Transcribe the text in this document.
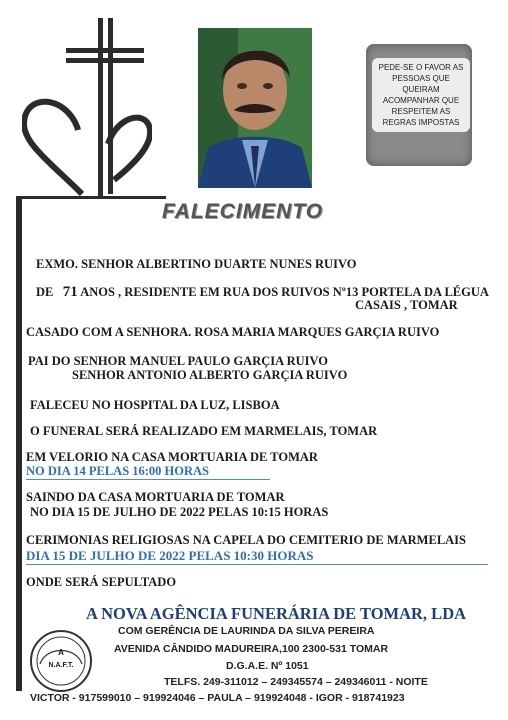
PEDE-SE O FAVOR AS
PESSOAS QUE
QUEIRAM
ACOMPANHAR QUE
RESPEITEM AS
REGRAS IMPOSTAS
FALECIMENTO
EXMO. SENHOR ALBERTINO DUARTE NUNES RUIVO
DE 71 ANOS , RESIDENTE EM RUA DOS RUIVOS Nº13 PORTELA DA LÉGUA
CASAIS , TOMAR
CASADO COM A SENHORA. ROSA MARIA MARQUES GARÇIA RUIVO
PAI DO SENHOR MANUEL PAULO GARÇIA RUIVO
SENHOR ANTONIO ALBERTO GARÇIA RUIVO
FALECEU NO HOSPITAL DA LUZ, LISBOA
O FUNERAL SERÁ REALIZADO EM MARMELAIS, TOMAR
EM VELORIO NA CASA MORTUARIA DE TOMAR
NO DIA 14 PELAS 16:00 HORAS
SAINDO DA CASA MORTUARIA DE TOMAR
NO DIA 15 DE JULHO DE 2022 PELAS 10:15 HORAS
CERIMONIAS RELIGIOSAS NA CAPELA DO CEMITERIO DE MARMELAIS
DIA 15 DE JULHO DE 2022 PELAS 10:30 HORAS
ONDE SERÁ SEPULTADO
A NOVA AGÊNCIA FUNERÁRIA DE TOMAR, LDA
A
N.A.F.T.
COM GERÊNCIA DE LAURINDA DA SILVA PEREIRA
AVENIDA CÂNDIDO MADUREIRA,100 2300-531 TOMAR
D.G.A.E. Nº 1051
TELFS. 249-311012 – 249345574 – 249346011 - NOITE
VICTOR - 917599010 – 919924046 – PAULA – 919924048 - IGOR - 918741923
